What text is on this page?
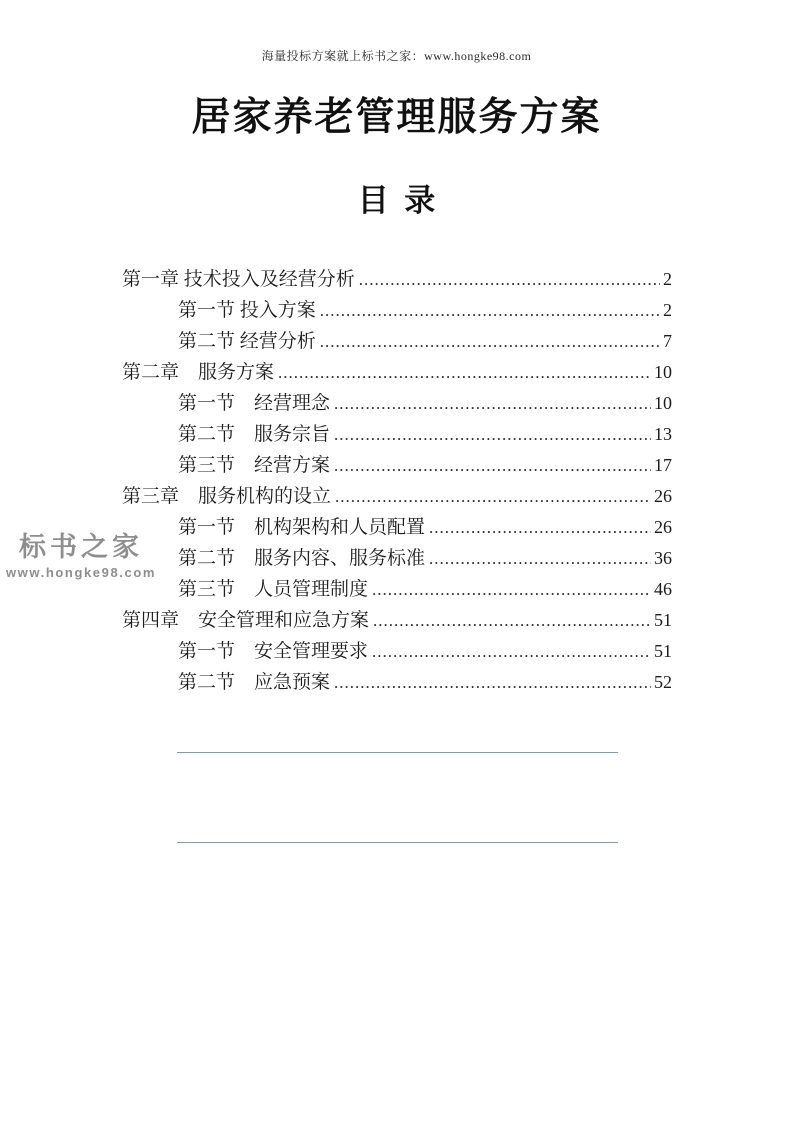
海量投标方案就上标书之家：www.hongke98.com
居家养老管理服务方案
目  录
第一章 技术投入及经营分析 .....	2
第一节 投入方案 .....	2
第二节 经营分析 .....	7
第二章　服务方案 .....	10
第一节　经营理念 .....	10
第二节　服务宗旨 .....	13
第三节　经营方案 .....	17
第三章　服务机构的设立 .....	26
第一节　机构架构和人员配置 .....	26
第二节　服务内容、服务标准 .....	36
第三节　人员管理制度 .....	46
第四章　安全管理和应急方案 .....	51
第一节　安全管理要求 .....	51
第二节　应急预案 .....	52
标书之家
www.hongke98.com
